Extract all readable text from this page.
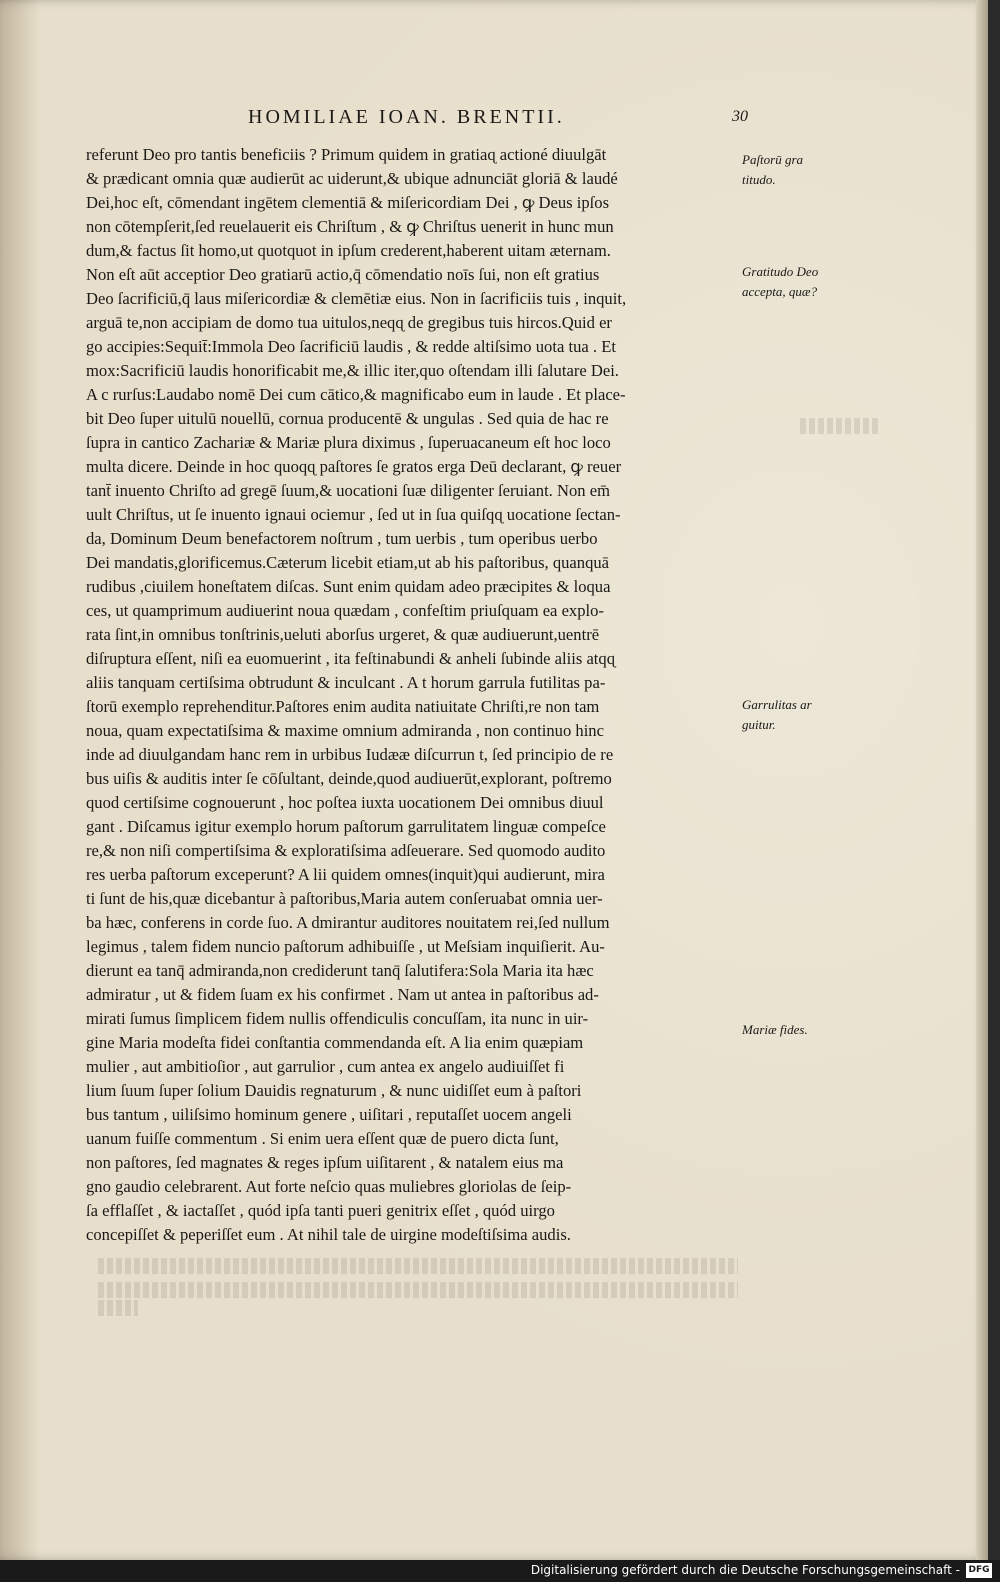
HOMILIAE IOAN. BRENTII.	30
referunt Deo pro tantis beneficiis ? Primum quidem in gratiaɋ actioné diuulgāt
& prædicant omnia quæ audierūt ac uiderunt,& ubique adnunciāt gloriā & laudé
Dei,hoc eſt, cōmendant ingētem clementiā & miſericordiam Dei , ꝙ Deus ipſos
non cōtempſerit,ſed reuelauerit eis Chriſtum , & ꝙ Chriſtus uenerit in hunc mun
dum,& factus ſit homo,ut quotquot in ipſum crederent,haberent uitam æternam.
Non eſt aūt acceptior Deo gratiarū actio,q̄ cōmendatio noīs ſui, non eſt gratius
Deo ſacrificiū,q̄ laus miſericordiæ & clemētiæ eius. Non in ſacrificiis tuis , inquit,
arguā te,non accipiam de domo tua uitulos,neqɋ de gregibus tuis hircos.Quid er
go accipies:Sequit̄:Immola Deo ſacrificiū laudis , & redde altiſsimo uota tua . Et
mox:Sacrificiū laudis honorificabit me,& illic iter,quo oſtendam illi ſalutare Dei.
A c rurſus:Laudabo nomē Dei cum cātico,& magnificabo eum in laude . Et place-
bit Deo ſuper uitulū nouellū, cornua producentē & ungulas . Sed quia de hac re
ſupra in cantico Zachariæ & Mariæ plura diximus , ſuperuacaneum eſt hoc loco
multa dicere. Deinde in hoc quoqɋ paſtores ſe gratos erga Deū declarant, ꝙ reuer
tant̄ inuento Chriſto ad gregē ſuum,& uocationi ſuæ diligenter ſeruiant. Non em̄
uult Chriſtus, ut ſe inuento ignaui ociemur , ſed ut in ſua quiſqɋ uocatione ſectan-
da, Dominum Deum benefactorem noſtrum , tum uerbis , tum operibus uerbo
Dei mandatis,glorificemus.Cæterum licebit etiam,ut ab his paſtoribus, quanquā
rudibus ,ciuilem honeſtatem diſcas. Sunt enim quidam adeo præcipites & loqua
ces, ut quamprimum audiuerint noua quædam , confeſtim priuſquam ea explo-
rata ſint,in omnibus tonſtrinis,ueluti aborſus urgeret, & quæ audiuerunt,uentrē
diſruptura eſſent, niſi ea euomuerint , ita feſtinabundi & anheli ſubinde aliis atqɋ
aliis tanquam certiſsima obtrudunt & inculcant . A t horum garrula futilitas pa-
ſtorū exemplo reprehenditur.Paſtores enim audita natiuitate Chriſti,re non tam
noua, quam expectatiſsima & maxime omnium admiranda , non continuo hinc
inde ad diuulgandam hanc rem in urbibus Iudææ diſcurrun t, ſed principio de re
bus uiſis & auditis inter ſe cōſultant, deinde,quod audiuerūt,explorant, poſtremo
quod certiſsime cognouerunt , hoc poſtea iuxta uocationem Dei omnibus diuul
gant . Diſcamus igitur exemplo horum paſtorum garrulitatem linguæ compeſce
re,& non niſi compertiſsima & exploratiſsima adſeuerare. Sed quomodo audito
res uerba paſtorum exceperunt? A lii quidem omnes(inquit)qui audierunt, mira
ti ſunt de his,quæ dicebantur à paſtoribus,Maria autem conſeruabat omnia uer-
ba hæc, conferens in corde ſuo. A dmirantur auditores nouitatem rei,ſed nullum
legimus , talem fidem nuncio paſtorum adhibuiſſe , ut Meſsiam inquiſierit. Au-
dierunt ea tanq̄ admiranda,non crediderunt tanq̄ ſalutifera:Sola Maria ita hæc
admiratur , ut & fidem ſuam ex his confirmet . Nam ut antea in paſtoribus ad-
mirati ſumus ſimplicem fidem nullis offendiculis concuſſam, ita nunc in uir-
gine Maria modeſta fidei conſtantia commendanda eſt. A lia enim quæpiam
mulier , aut ambitioſior , aut garrulior , cum antea ex angelo audiuiſſet fi
lium ſuum ſuper ſolium Dauidis regnaturum , & nunc uidiſſet eum à paſtori
bus tantum , uiliſsimo hominum genere , uiſitari , reputaſſet uocem angeli
uanum fuiſſe commentum . Si enim uera eſſent quæ de puero dicta ſunt,
non paſtores, ſed magnates & reges ipſum uiſitarent , & natalem eius ma
gno gaudio celebrarent. Aut forte neſcio quas muliebres gloriolas de ſeip-
ſa efflaſſet , & iactaſſet , quód ipſa tanti pueri genitrix eſſet , quód uirgo
concepiſſet & peperiſſet eum . At nihil tale de uirgine modeſtiſsima audis.
Paſtorū gra titudo.
Gratitudo Deo accepta, quæ?
Garrulitas ar guitur.
Mariæ fides.
Digitalisierung gefördert durch die Deutsche Forschungsgemeinschaft - DFG
